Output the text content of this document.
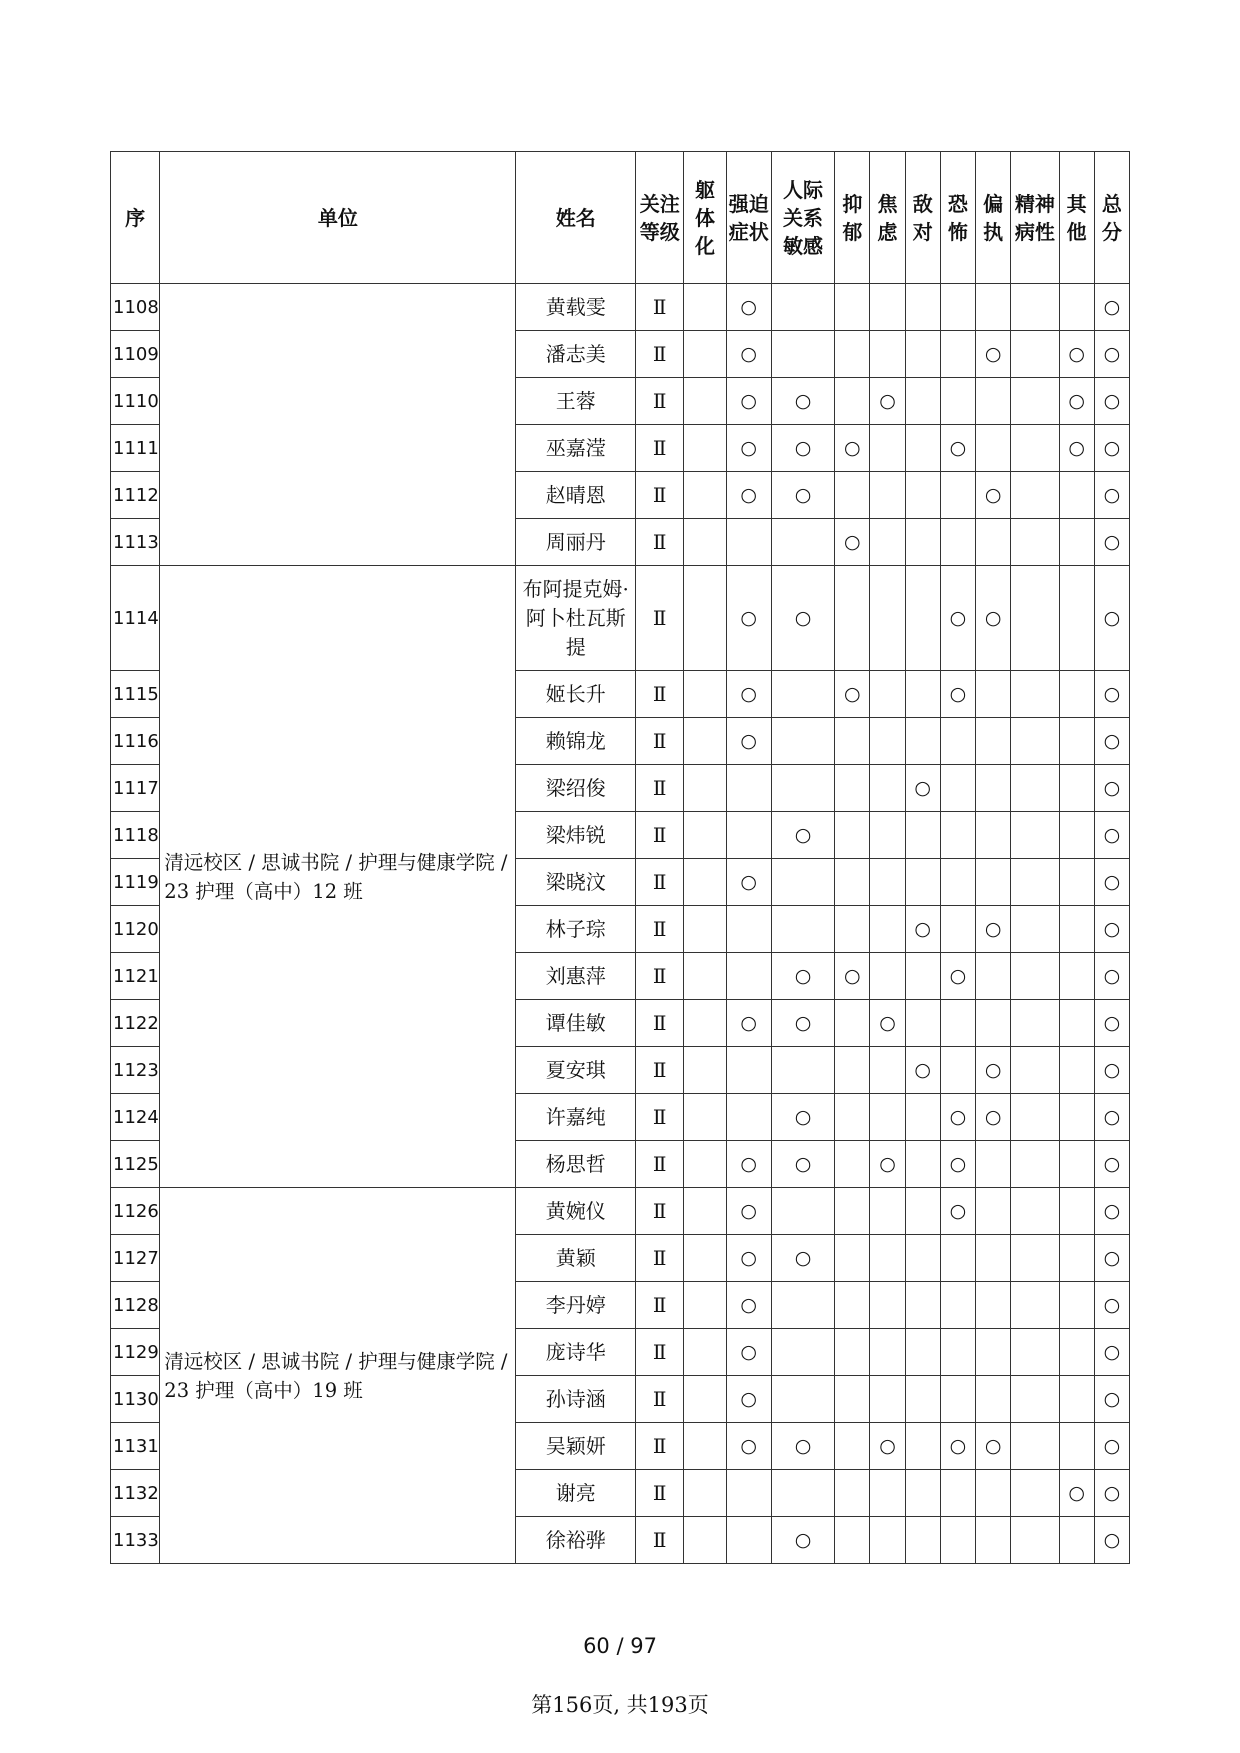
序	单位	姓名	关注等级	躯体化	强迫症状	人际关系敏感	抑郁	焦虑	敌对	恐怖	偏执	精神病性	其他	总分
1108		黄载雯	Ⅱ		○									○
1109		潘志美	Ⅱ		○						○		○	○
1110		王蓉	Ⅱ		○	○		○					○	○
1111		巫嘉滢	Ⅱ		○	○	○			○			○	○
1112		赵晴恩	Ⅱ		○	○					○			○
1113		周丽丹	Ⅱ				○							○
1114	清远校区 / 思诚书院 / 护理与健康学院 / 23 护理（高中）12 班	布阿提克姆·阿卜杜瓦斯提	Ⅱ		○	○				○	○			○
1115		姬长升	Ⅱ		○		○			○				○
1116		赖锦龙	Ⅱ		○									○
1117		梁绍俊	Ⅱ						○					○
1118		梁炜锐	Ⅱ			○								○
1119		梁晓汶	Ⅱ		○									○
1120		林子琮	Ⅱ						○		○			○
1121		刘惠萍	Ⅱ			○	○			○				○
1122		谭佳敏	Ⅱ		○	○		○						○
1123		夏安琪	Ⅱ						○		○			○
1124		许嘉纯	Ⅱ			○				○	○			○
1125		杨思哲	Ⅱ		○	○		○		○				○
1126	清远校区 / 思诚书院 / 护理与健康学院 / 23 护理（高中）19 班	黄婉仪	Ⅱ		○					○				○
1127		黄颖	Ⅱ		○	○								○
1128		李丹婷	Ⅱ		○									○
1129		庞诗华	Ⅱ		○									○
1130		孙诗涵	Ⅱ		○									○
1131		吴颖妍	Ⅱ		○	○		○		○	○			○
1132		谢亮	Ⅱ										○	○
1133		徐裕骅	Ⅱ			○								○
60 / 97
第156页, 共193页
